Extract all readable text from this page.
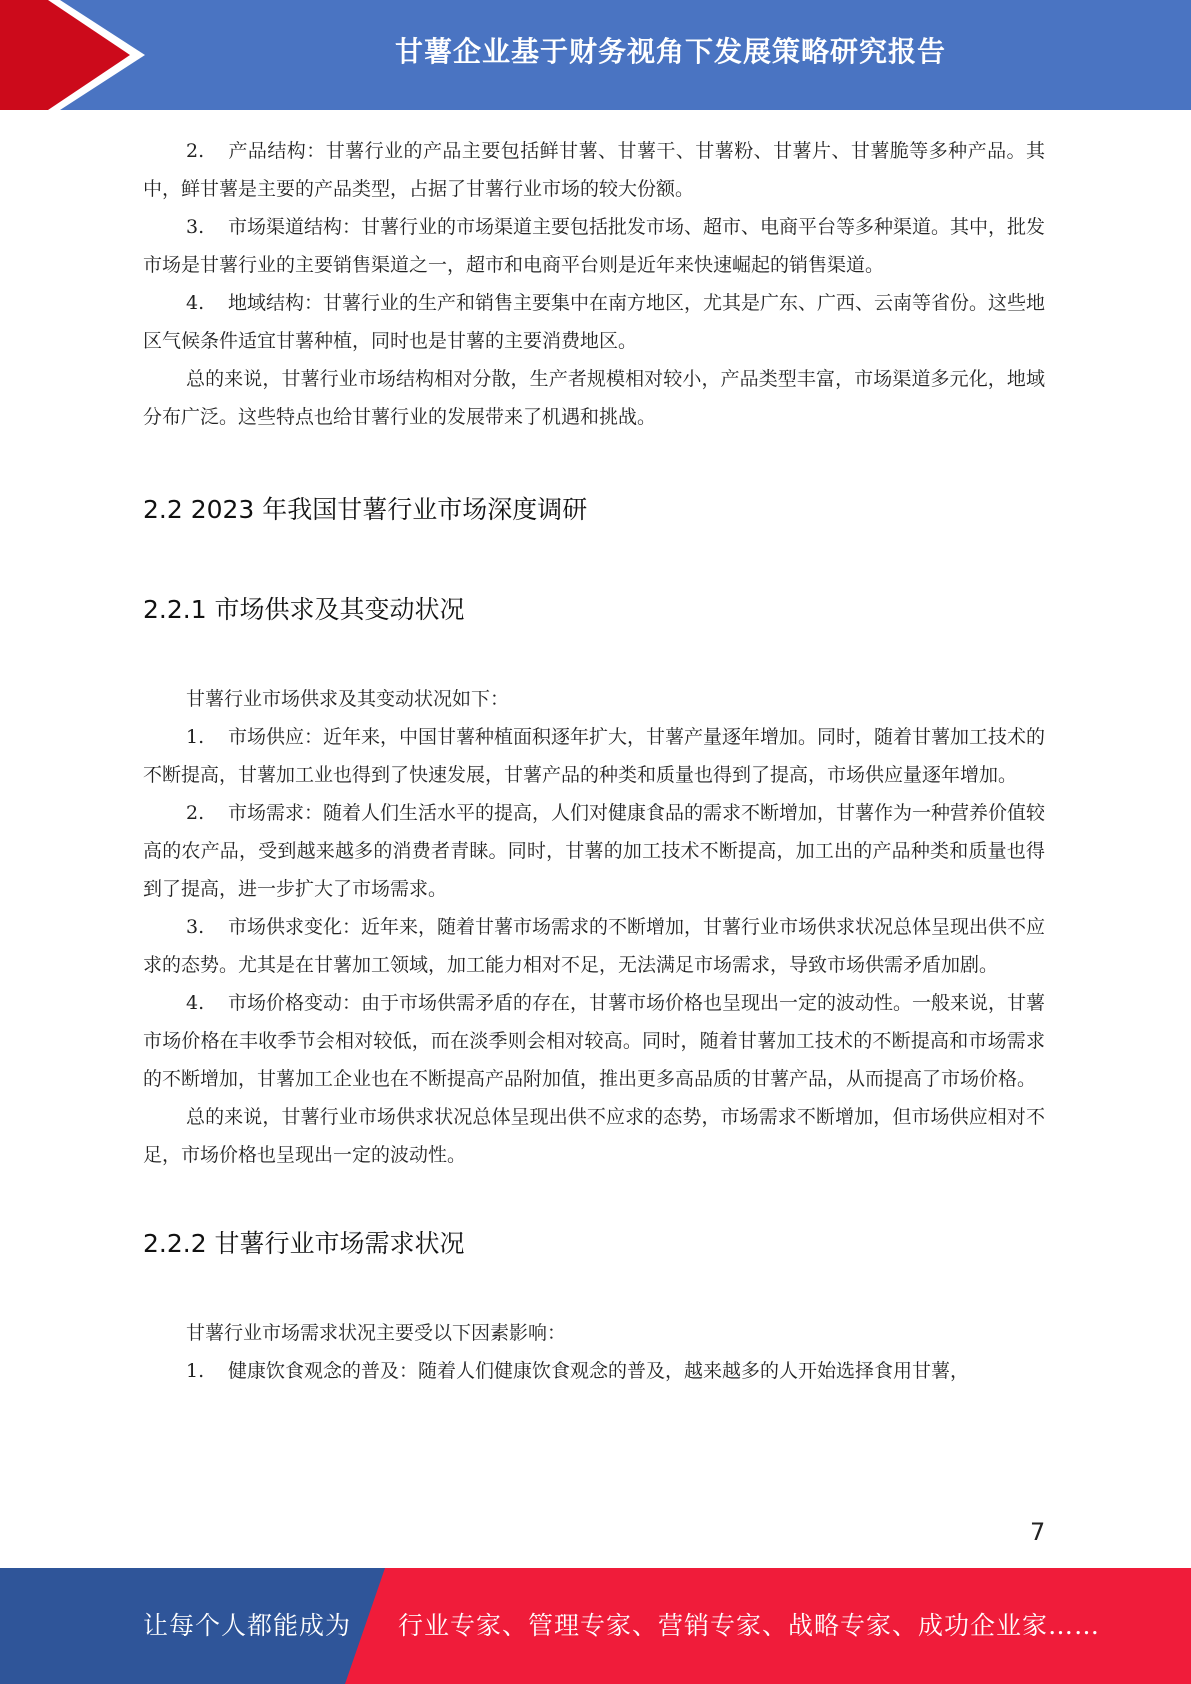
甘薯企业基于财务视角下发展策略研究报告

2. 产品结构：甘薯行业的产品主要包括鲜甘薯、甘薯干、甘薯粉、甘薯片、甘薯脆等多种产品。其中，鲜甘薯是主要的产品类型，占据了甘薯行业市场的较大份额。

3. 市场渠道结构：甘薯行业的市场渠道主要包括批发市场、超市、电商平台等多种渠道。其中，批发市场是甘薯行业的主要销售渠道之一，超市和电商平台则是近年来快速崛起的销售渠道。

4. 地域结构：甘薯行业的生产和销售主要集中在南方地区，尤其是广东、广西、云南等省份。这些地区气候条件适宜甘薯种植，同时也是甘薯的主要消费地区。

总的来说，甘薯行业市场结构相对分散，生产者规模相对较小，产品类型丰富，市场渠道多元化，地域分布广泛。这些特点也给甘薯行业的发展带来了机遇和挑战。

2.2 2023 年我国甘薯行业市场深度调研
2.2.1 市场供求及其变动状况

甘薯行业市场供求及其变动状况如下：

1. 市场供应：近年来，中国甘薯种植面积逐年扩大，甘薯产量逐年增加。同时，随着甘薯加工技术的不断提高，甘薯加工业也得到了快速发展，甘薯产品的种类和质量也得到了提高，市场供应量逐年增加。

2. 市场需求：随着人们生活水平的提高，人们对健康食品的需求不断增加，甘薯作为一种营养价值较高的农产品，受到越来越多的消费者青睐。同时，甘薯的加工技术不断提高，加工出的产品种类和质量也得到了提高，进一步扩大了市场需求。

3. 市场供求变化：近年来，随着甘薯市场需求的不断增加，甘薯行业市场供求状况总体呈现出供不应求的态势。尤其是在甘薯加工领域，加工能力相对不足，无法满足市场需求，导致市场供需矛盾加剧。

4. 市场价格变动：由于市场供需矛盾的存在，甘薯市场价格也呈现出一定的波动性。一般来说，甘薯市场价格在丰收季节会相对较低，而在淡季则会相对较高。同时，随着甘薯加工技术的不断提高和市场需求的不断增加，甘薯加工企业也在不断提高产品附加值，推出更多高品质的甘薯产品，从而提高了市场价格。

总的来说，甘薯行业市场供求状况总体呈现出供不应求的态势，市场需求不断增加，但市场供应相对不足，市场价格也呈现出一定的波动性。

2.2.2 甘薯行业市场需求状况

甘薯行业市场需求状况主要受以下因素影响：

1. 健康饮食观念的普及：随着人们健康饮食观念的普及，越来越多的人开始选择食用甘薯，

7
让每个人都能成为 行业专家、管理专家、营销专家、战略专家、成功企业家……
